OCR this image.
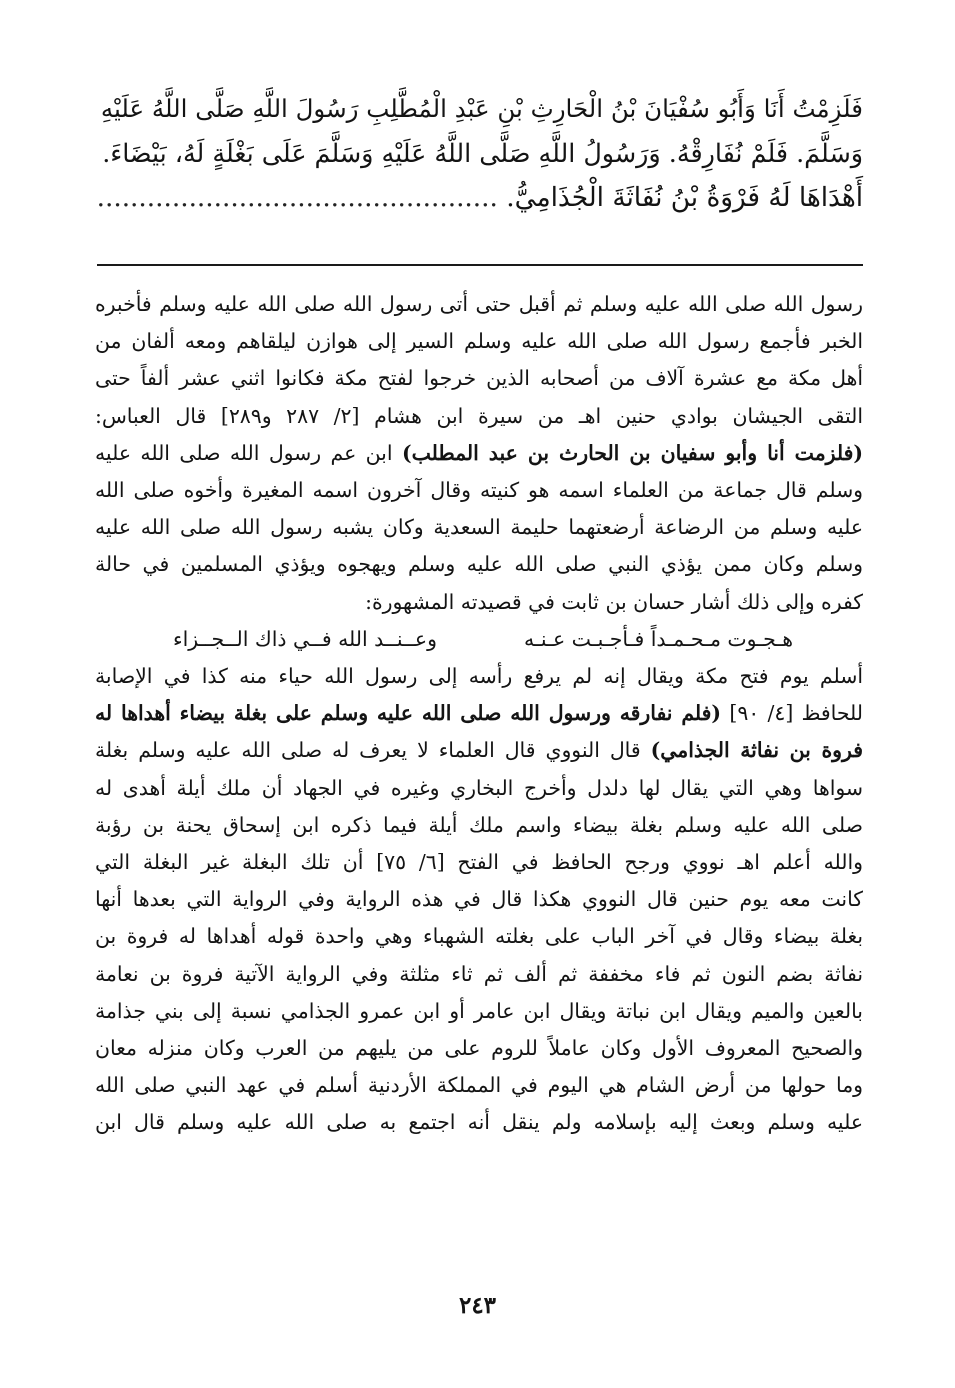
فَلَزِمْتُ أَنَا وَأَبُو سُفْيَانَ بْنُ الْحَارِثِ بْنِ عَبْدِ الْمُطَّلِبِ رَسُولَ اللَّهِ صَلَّى اللَّهُ عَلَيْهِ
وَسَلَّمَ. فَلَمْ نُفَارِقْهُ. وَرَسُولُ اللَّهِ صَلَّى اللَّهُ عَلَيْهِ وَسَلَّمَ عَلَى بَغْلَةٍ لَهُ، بَيْضَاءَ.
أَهْدَاهَا لَهُ فَرْوَةُ بْنُ نُفَاثَةَ الْجُذَامِيُّ. ................................................
رسول الله صلى الله عليه وسلم ثم أقبل حتى أتى رسول الله صلى الله عليه وسلم فأخبره
الخبر فأجمع رسول الله صلى الله عليه وسلم السير إلى هوازن ليلقاهم ومعه ألفان من
أهل مكة مع عشرة آلاف من أصحابه الذين خرجوا لفتح مكة فكانوا اثني عشر ألفاً حتى
التقى الجيشان بوادي حنين اهـ من سيرة ابن هشام [٢/ ٢٨٧ و٢٨٩] قال العباس:
(فلزمت أنا وأبو سفيان بن الحارث بن عبد المطلب) ابن عم رسول الله صلى الله عليه
وسلم قال جماعة من العلماء اسمه هو كنيته وقال آخرون اسمه المغيرة وأخوه صلى الله
عليه وسلم من الرضاعة أرضعتهما حليمة السعدية وكان يشبه رسول الله صلى الله عليه
وسلم وكان ممن يؤذي النبي صلى الله عليه وسلم ويهجوه ويؤذي المسلمين في حالة
كفره وإلى ذلك أشار حسان بن ثابت في قصيدته المشهورة:
هـجـوت مـحـمـداً فـأجـبـت عـنـه
وعــنــد الله فــي ذاك الــجــزاء
أسلم يوم فتح مكة ويقال إنه لم يرفع رأسه إلى رسول الله حياء منه كذا في الإصابة
للحافظ [٤/ ٩٠] (فلم نفارقه ورسول الله صلى الله عليه وسلم على بغلة بيضاء أهداها له
فروة بن نفاثة الجذامي) قال النووي قال العلماء لا يعرف له صلى الله عليه وسلم بغلة
سواها وهي التي يقال لها دلدل وأخرج البخاري وغيره في الجهاد أن ملك أيلة أهدى له
صلى الله عليه وسلم بغلة بيضاء واسم ملك أيلة فيما ذكره ابن إسحاق يحنة بن رؤبة
والله أعلم اهـ نووي ورجح الحافظ في الفتح [٦/ ٧٥] أن تلك البغلة غير البغلة التي
كانت معه يوم حنين قال النووي هكذا قال في هذه الرواية وفي الرواية التي بعدها أنها
بغلة بيضاء وقال في آخر الباب على بغلته الشهباء وهي واحدة قوله أهداها له فروة بن
نفاثة بضم النون ثم فاء مخففة ثم ألف ثم ثاء مثلثة وفي الرواية الآتية فروة بن نعامة
بالعين والميم ويقال ابن نباتة ويقال ابن عامر أو ابن عمرو الجذامي نسبة إلى بني جذامة
والصحيح المعروف الأول وكان عاملاً للروم على من يليهم من العرب وكان منزله معان
وما حولها من أرض الشام هي اليوم في المملكة الأردنية أسلم في عهد النبي صلى الله
عليه وسلم وبعث إليه بإسلامه ولم ينقل أنه اجتمع به صلى الله عليه وسلم قال ابن
٢٤٣
